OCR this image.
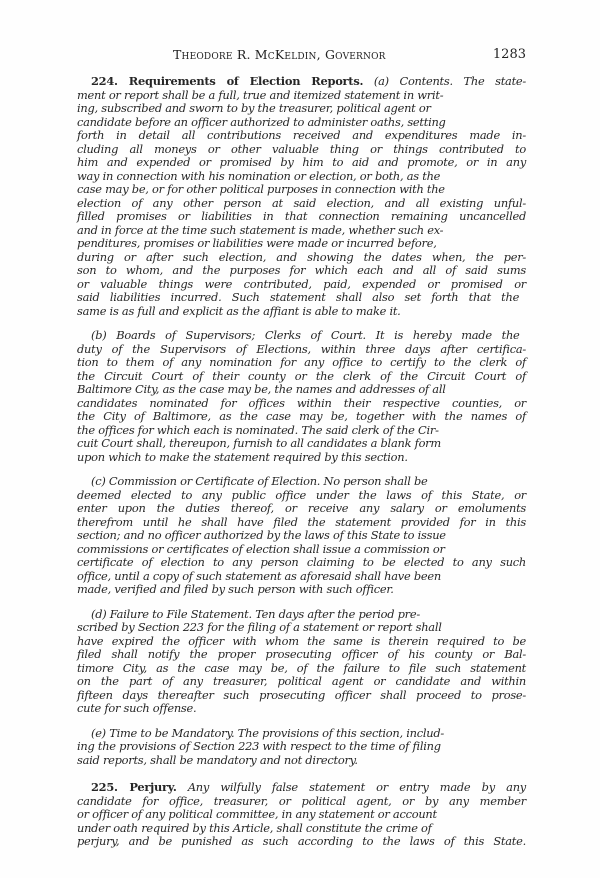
Theodore R. McKeldin, Governor	1283
224. Requirements of Election Reports. (a) Contents. The state-
ment or report shall be a full, true and itemized statement in writ-
ing, subscribed and sworn to by the treasurer, political agent or
candidate before an officer authorized to administer oaths, setting
forth in detail all contributions received and expenditures made in-
cluding all moneys or other valuable thing or things contributed to
him and expended or promised by him to aid and promote, or in any
way in connection with his nomination or election, or both, as the
case may be, or for other political purposes in connection with the
election of any other person at said election, and all existing unful-
filled promises or liabilities in that connection remaining uncancelled
and in force at the time such statement is made, whether such ex-
penditures, promises or liabilities were made or incurred before,
during or after such election, and showing the dates when, the per-
son to whom, and the purposes for which each and all of said sums
or valuable things were contributed, paid, expended or promised or
said liabilities incurred. Such statement shall also set forth that the
same is as full and explicit as the affiant is able to make it.
(b) Boards of Supervisors; Clerks of Court. It is hereby made the
duty of the Supervisors of Elections, within three days after certifica-
tion to them of any nomination for any office to certify to the clerk of
the Circuit Court of their county or the clerk of the Circuit Court of
Baltimore City, as the case may be, the names and addresses of all
candidates nominated for offices within their respective counties, or
the City of Baltimore, as the case may be, together with the names of
the offices for which each is nominated. The said clerk of the Cir-
cuit Court shall, thereupon, furnish to all candidates a blank form
upon which to make the statement required by this section.
(c) Commission or Certificate of Election. No person shall be
deemed elected to any public office under the laws of this State, or
enter upon the duties thereof, or receive any salary or emoluments
therefrom until he shall have filed the statement provided for in this
section; and no officer authorized by the laws of this State to issue
commissions or certificates of election shall issue a commission or
certificate of election to any person claiming to be elected to any such
office, until a copy of such statement as aforesaid shall have been
made, verified and filed by such person with such officer.
(d) Failure to File Statement. Ten days after the period pre-
scribed by Section 223 for the filing of a statement or report shall
have expired the officer with whom the same is therein required to be
filed shall notify the proper prosecuting officer of his county or Bal-
timore City, as the case may be, of the failure to file such statement
on the part of any treasurer, political agent or candidate and within
fifteen days thereafter such prosecuting officer shall proceed to prose-
cute for such offense.
(e) Time to be Mandatory. The provisions of this section, includ-
ing the provisions of Section 223 with respect to the time of filing
said reports, shall be mandatory and not directory.
225. Perjury. Any wilfully false statement or entry made by any
candidate for office, treasurer, or political agent, or by any member
or officer of any political committee, in any statement or account
under oath required by this Article, shall constitute the crime of
perjury, and be punished as such according to the laws of this State.
